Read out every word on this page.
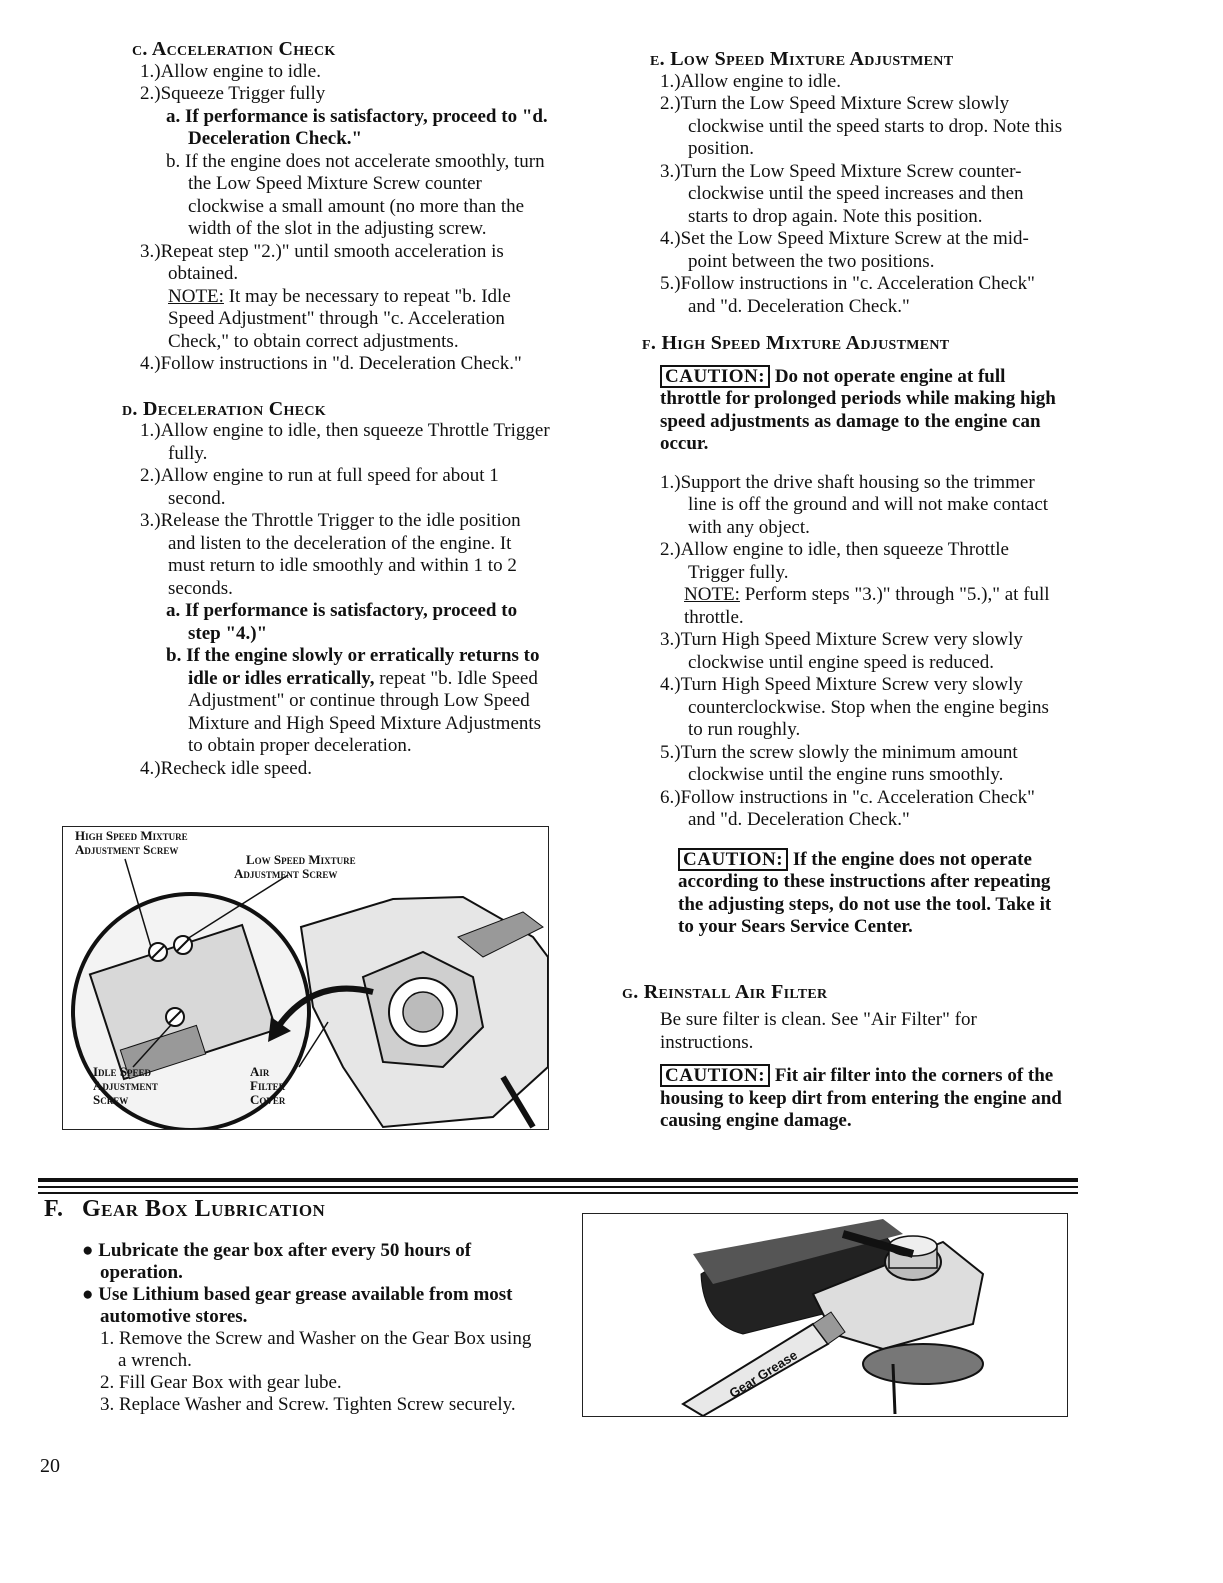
c. Acceleration Check

1.)Allow engine to idle.

2.)Squeeze Trigger fully

a. If performance is satisfactory, proceed to "d. Deceleration Check."

b. If the engine does not accelerate smoothly, turn the Low Speed Mixture Screw counter clockwise a small amount (no more than the width of the slot in the adjusting screw.

3.)Repeat step "2.)" until smooth acceleration is obtained.

NOTE: It may be necessary to repeat "b. Idle Speed Adjustment" through "c. Acceleration Check," to obtain correct adjustments.

4.)Follow instructions in "d. Deceleration Check."

d. Deceleration Check

1.)Allow engine to idle, then squeeze Throttle Trigger fully.

2.)Allow engine to run at full speed for about 1 second.

3.)Release the Throttle Trigger to the idle position and listen to the deceleration of the engine. It must return to idle smoothly and within 1 to 2 seconds.

a. If performance is satisfactory, proceed to step "4.)"

b. If the engine slowly or erratically returns to idle or idles erratically, repeat "b. Idle Speed Adjustment" or continue through Low Speed Mixture and High Speed Mixture Adjustments to obtain proper deceleration.

4.)Recheck idle speed.

High Speed Mixture
Adjustment Screw
Low Speed Mixture
Adjustment Screw
Idle Speed
Adjustment
Screw
Air
Filter
Cover

e. Low Speed Mixture Adjustment

1.)Allow engine to idle.

2.)Turn the Low Speed Mixture Screw slowly clockwise until the speed starts to drop. Note this position.

3.)Turn the Low Speed Mixture Screw counter-clockwise until the speed increases and then starts to drop again. Note this position.

4.)Set the Low Speed Mixture Screw at the mid-point between the two positions.

5.)Follow instructions in "c. Acceleration Check" and "d. Deceleration Check."

f. High Speed Mixture Adjustment

CAUTION: Do not operate engine at full throttle for prolonged periods while making high speed adjustments as damage to the engine can occur.

1.)Support the drive shaft housing so the trimmer line is off the ground and will not make contact with any object.

2.)Allow engine to idle, then squeeze Throttle Trigger fully.

NOTE: Perform steps "3.)" through "5.)," at full throttle.

3.)Turn High Speed Mixture Screw very slowly clockwise until engine speed is reduced.

4.)Turn High Speed Mixture Screw very slowly counterclockwise. Stop when the engine begins to run roughly.

5.)Turn the screw slowly the minimum amount clockwise until the engine runs smoothly.

6.)Follow instructions in "c. Acceleration Check" and "d. Deceleration Check."

CAUTION: If the engine does not operate according to these instructions after repeating the adjusting steps, do not use the tool. Take it to your Sears Service Center.

g. Reinstall Air Filter

Be sure filter is clean. See "Air Filter" for instructions.

CAUTION: Fit air filter into the corners of the housing to keep dirt from entering the engine and causing engine damage.

F. Gear Box Lubrication

● Lubricate the gear box after every 50 hours of operation.

● Use Lithium based gear grease available from most automotive stores.

1. Remove the Screw and Washer on the Gear Box using a wrench.

2. Fill Gear Box with gear lube.

3. Replace Washer and Screw. Tighten Screw securely.

Gear Grease
20
